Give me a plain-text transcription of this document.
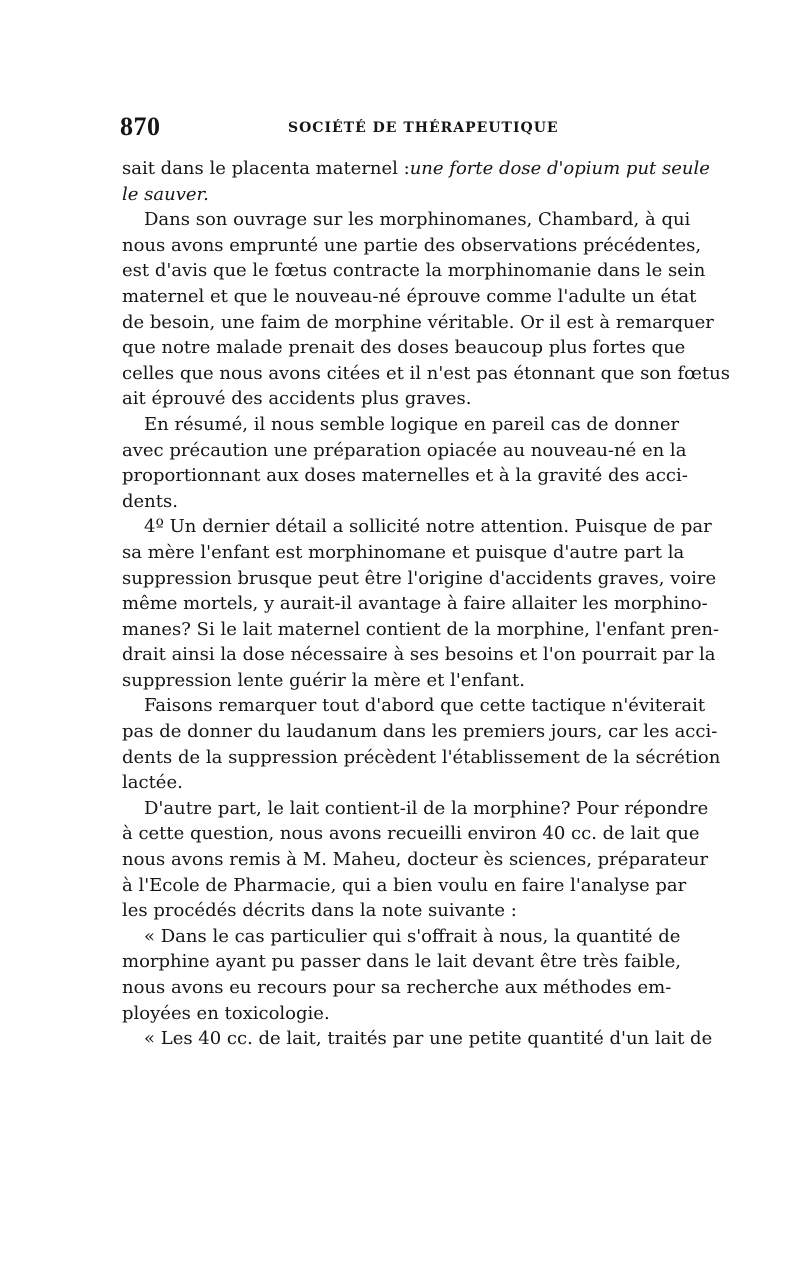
870	SOCIÉTÉ DE THÉRAPEUTIQUE
sait dans le placenta maternel : une forte dose d'opium put seule
le sauver.
Dans son ouvrage sur les morphinomanes, Chambard, à qui
nous avons emprunté une partie des observations précédentes,
est d'avis que le fœtus contracte la morphinomanie dans le sein
maternel et que le nouveau-né éprouve comme l'adulte un état
de besoin, une faim de morphine véritable. Or il est à remarquer
que notre malade prenait des doses beaucoup plus fortes que
celles que nous avons citées et il n'est pas étonnant que son fœtus
ait éprouvé des accidents plus graves.
En résumé, il nous semble logique en pareil cas de donner
avec précaution une préparation opiacée au nouveau-né en la
proportionnant aux doses maternelles et à la gravité des acci-
dents.
4º Un dernier détail a sollicité notre attention. Puisque de par
sa mère l'enfant est morphinomane et puisque d'autre part la
suppression brusque peut être l'origine d'accidents graves, voire
même mortels, y aurait-il avantage à faire allaiter les morphino-
manes? Si le lait maternel contient de la morphine, l'enfant pren-
drait ainsi la dose nécessaire à ses besoins et l'on pourrait par la
suppression lente guérir la mère et l'enfant.
Faisons remarquer tout d'abord que cette tactique n'éviterait
pas de donner du laudanum dans les premiers jours, car les acci-
dents de la suppression précèdent l'établissement de la sécrétion
lactée.
D'autre part, le lait contient-il de la morphine? Pour répondre
à cette question, nous avons recueilli environ 40 cc. de lait que
nous avons remis à M. Maheu, docteur ès sciences, préparateur
à l'Ecole de Pharmacie, qui a bien voulu en faire l'analyse par
les procédés décrits dans la note suivante :
« Dans le cas particulier qui s'offrait à nous, la quantité de
morphine ayant pu passer dans le lait devant être très faible,
nous avons eu recours pour sa recherche aux méthodes em-
ployées en toxicologie.
« Les 40 cc. de lait, traités par une petite quantité d'un lait de
